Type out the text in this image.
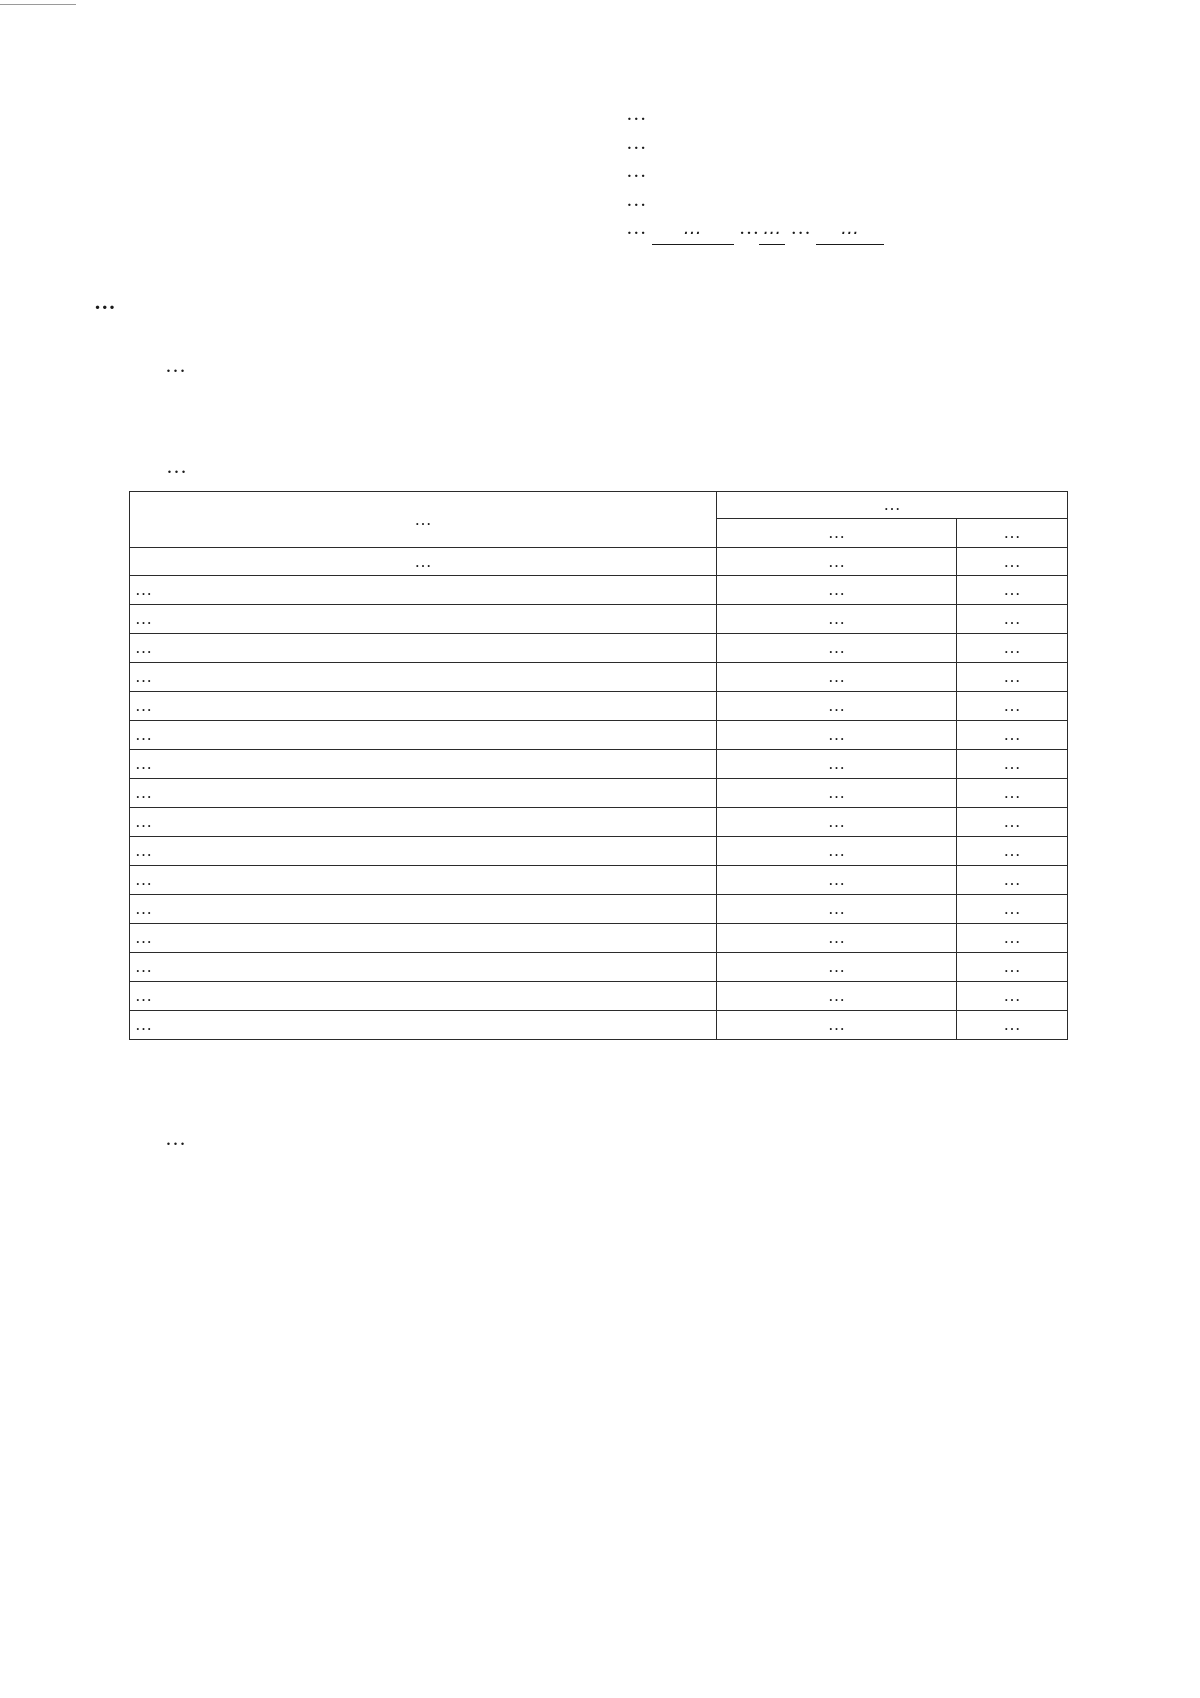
…
…
…
…
… … … … … …
…
…
…
…	…	
	…	…
…	…	…
…	…	…
…	…	…
…	…	…
…	…	…
…	…	…
…	…	…
…	…	…
…	…	…
…	…	…
…	…	…
…	…	…
…	…	…
…	…	…
…	…	…
…	…	…
…	…	…
…
